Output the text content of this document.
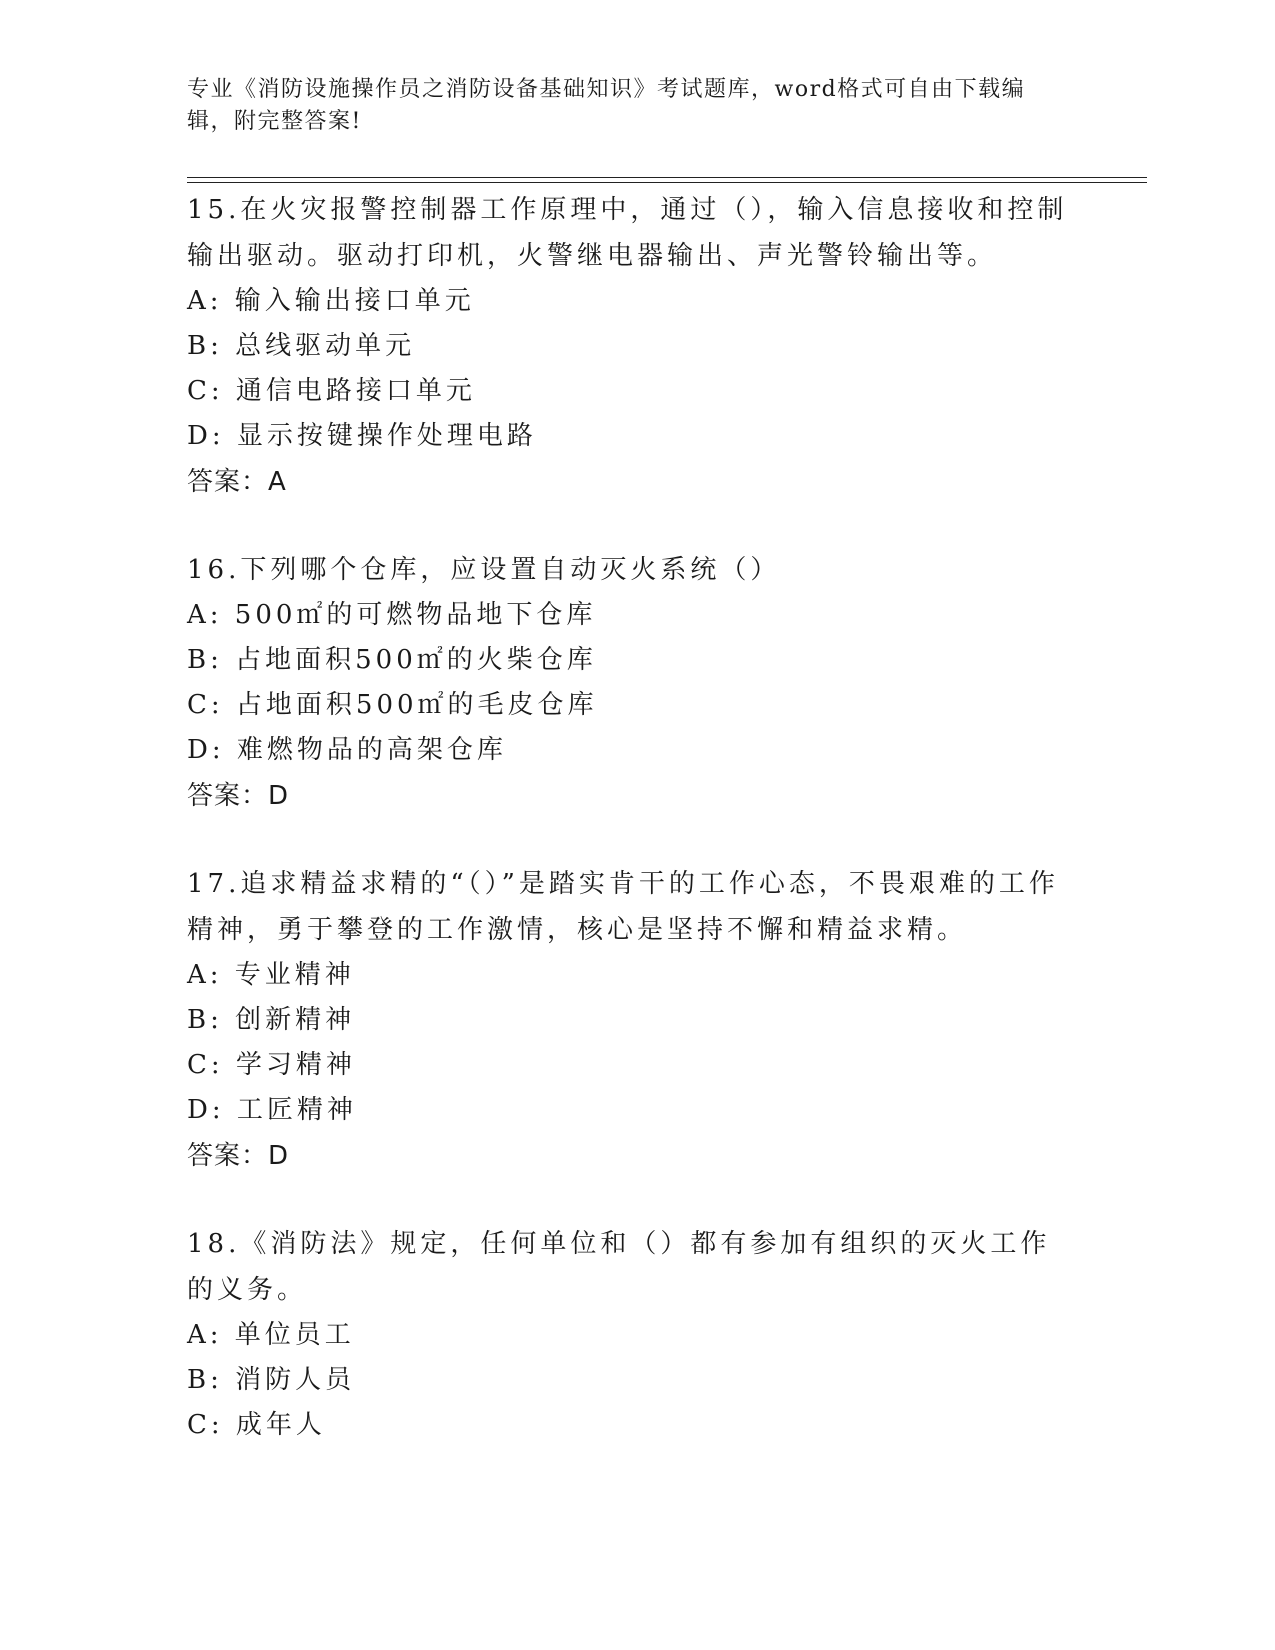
专业《消防设施操作员之消防设备基础知识》考试题库，word格式可自由下载编辑，附完整答案!

15.在火灾报警控制器工作原理中，通过（），输入信息接收和控制输出驱动。驱动打印机，火警继电器输出、声光警铃输出等。

A: 输入输出接口单元

B: 总线驱动单元

C: 通信电路接口单元

D: 显示按键操作处理电路

答案：A

16.下列哪个仓库，应设置自动灭火系统（）

A: 500㎡的可燃物品地下仓库

B: 占地面积500㎡的火柴仓库

C: 占地面积500㎡的毛皮仓库

D: 难燃物品的高架仓库

答案：D

17.追求精益求精的“（）”是踏实肯干的工作心态，不畏艰难的工作精神，勇于攀登的工作激情，核心是坚持不懈和精益求精。

A: 专业精神

B: 创新精神

C: 学习精神

D: 工匠精神

答案：D

18.《消防法》规定，任何单位和（）都有参加有组织的灭火工作的义务。

A: 单位员工

B: 消防人员

C: 成年人
